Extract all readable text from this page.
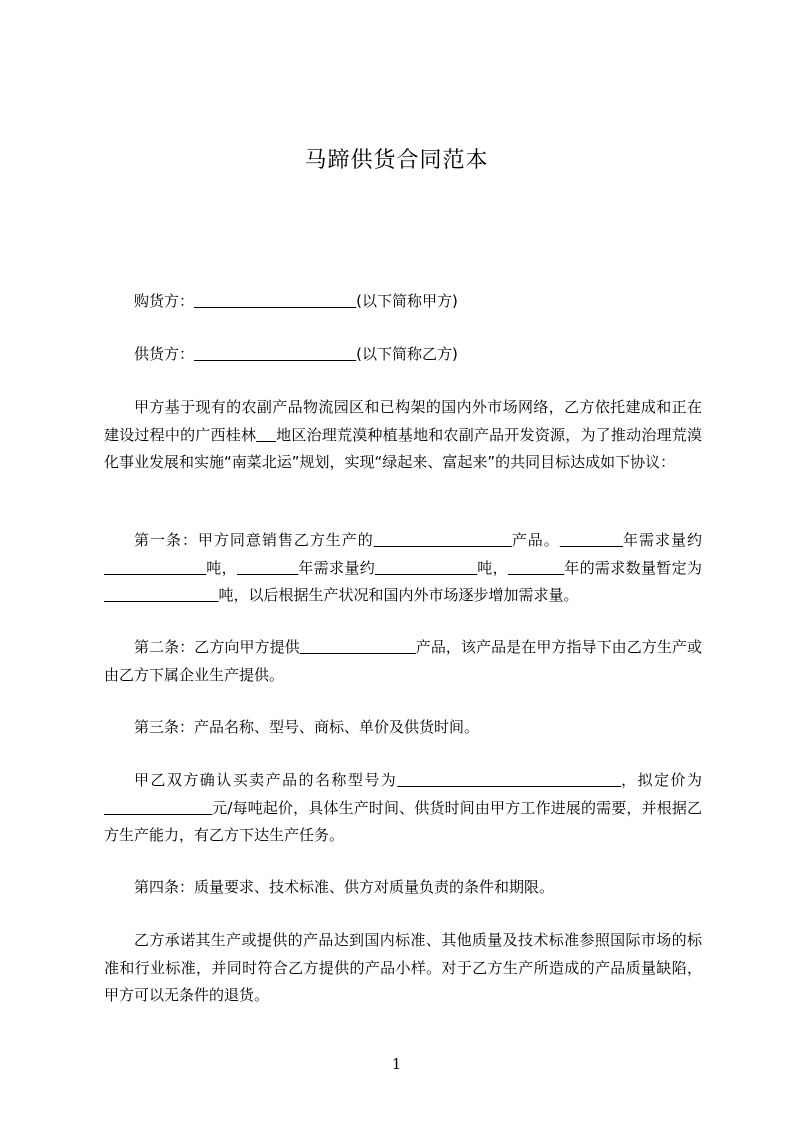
马蹄供货合同范本
购货方：	(以下简称甲方)
供货方：	(以下简称乙方)
甲方基于现有的农副产品物流园区和已构架的国内外市场网络，乙方依托建成和正在建设过程中的广西桂林 地区治理荒漠种植基地和农副产品开发资源，为了推动治理荒漠化事业发展和实施“南菜北运”规划，实现“绿起来、富起来”的共同目标达成如下协议：
第一条：甲方同意销售乙方生产的	产品。	年需求量约                    吨，	年需求量约	吨，	年的需求数量暂定为                        吨，以后根据生产状况和国内外市场逐步增加需求量。
第二条：乙方向甲方提供	产品，该产品是在甲方指导下由乙方生产或由乙方下属企业生产提供。
第三条：产品名称、型号、商标、单价及供货时间。
甲乙双方确认买卖产品的名称型号为	，拟定价为                      元/每吨起价，具体生产时间、供货时间由甲方工作进展的需要，并根据乙方生产能力，有乙方下达生产任务。
第四条：质量要求、技术标准、供方对质量负责的条件和期限。
乙方承诺其生产或提供的产品达到国内标准、其他质量及技术标准参照国际市场的标准和行业标准，并同时符合乙方提供的产品小样。对于乙方生产所造成的产品质量缺陷，甲方可以无条件的退货。
1
